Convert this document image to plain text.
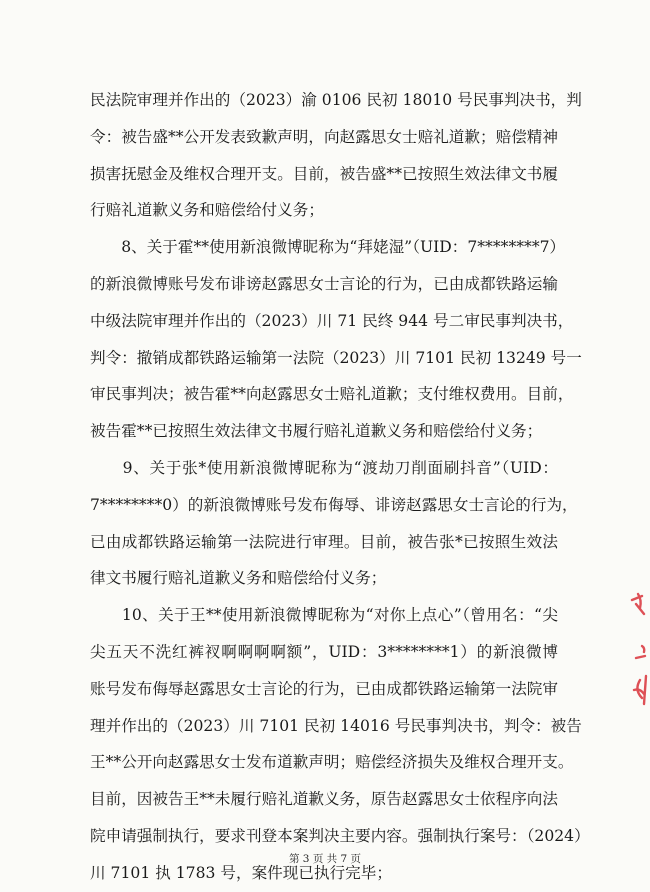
民法院审理并作出的（2023）渝 0106 民初 18010 号民事判决书，判
令：被告盛**公开发表致歉声明，向赵露思女士赔礼道歉；赔偿精神
损害抚慰金及维权合理开支。目前，被告盛**已按照生效法律文书履
行赔礼道歉义务和赔偿给付义务；

　　8、关于霍**使用新浪微博昵称为“拜姥湿”（UID：7********7）
的新浪微博账号发布诽谤赵露思女士言论的行为，已由成都铁路运输
中级法院审理并作出的（2023）川 71 民终 944 号二审民事判决书，
判令：撤销成都铁路运输第一法院（2023）川 7101 民初 13249 号一
审民事判决；被告霍**向赵露思女士赔礼道歉；支付维权费用。目前，
被告霍**已按照生效法律文书履行赔礼道歉义务和赔偿给付义务；

　　9、关于张*使用新浪微博昵称为“渡劫刀削面刷抖音”（UID：
7********0）的新浪微博账号发布侮辱、诽谤赵露思女士言论的行为，
已由成都铁路运输第一法院进行审理。目前，被告张*已按照生效法
律文书履行赔礼道歉义务和赔偿给付义务；

　　10、关于王**使用新浪微博昵称为“对你上点心”（曾用名：“尖
尖五天不洗红裤衩啊啊啊啊额”，UID：3********1）的新浪微博
账号发布侮辱赵露思女士言论的行为，已由成都铁路运输第一法院审
理并作出的（2023）川 7101 民初 14016 号民事判决书，判令：被告
王**公开向赵露思女士发布道歉声明；赔偿经济损失及维权合理开支。
目前，因被告王**未履行赔礼道歉义务，原告赵露思女士依程序向法
院申请强制执行，要求刊登本案判决主要内容。强制执行案号：（2024）
川 7101 执 1783 号，案件现已执行完毕；

第 3 页 共 7 页
